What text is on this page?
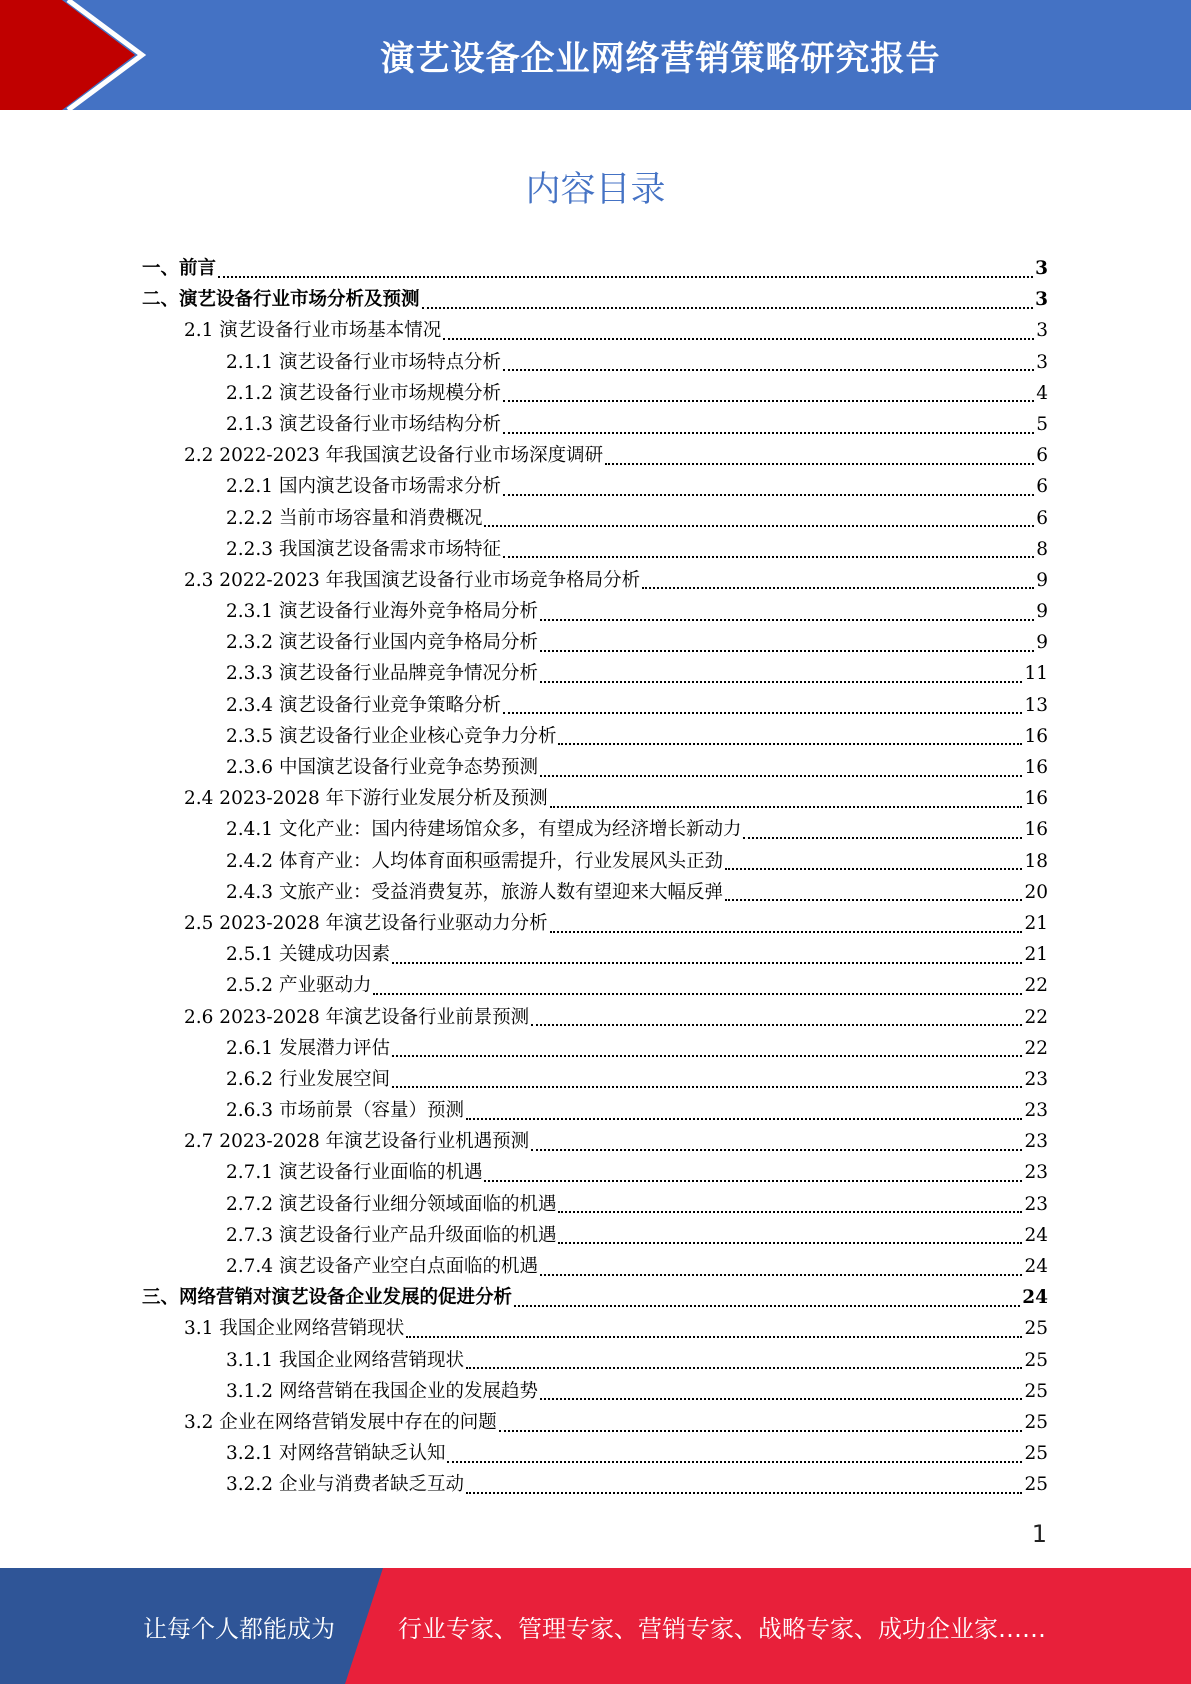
演艺设备企业网络营销策略研究报告
内容目录
一、前言	3
二、演艺设备行业市场分析及预测	3
2.1 演艺设备行业市场基本情况	3
2.1.1 演艺设备行业市场特点分析	3
2.1.2 演艺设备行业市场规模分析	4
2.1.3 演艺设备行业市场结构分析	5
2.2 2022-2023 年我国演艺设备行业市场深度调研	6
2.2.1 国内演艺设备市场需求分析	6
2.2.2 当前市场容量和消费概况	6
2.2.3 我国演艺设备需求市场特征	8
2.3 2022-2023 年我国演艺设备行业市场竞争格局分析	9
2.3.1 演艺设备行业海外竞争格局分析	9
2.3.2 演艺设备行业国内竞争格局分析	9
2.3.3 演艺设备行业品牌竞争情况分析	11
2.3.4 演艺设备行业竞争策略分析	13
2.3.5 演艺设备行业企业核心竞争力分析	16
2.3.6 中国演艺设备行业竞争态势预测	16
2.4 2023-2028 年下游行业发展分析及预测	16
2.4.1 文化产业：国内待建场馆众多，有望成为经济增长新动力	16
2.4.2 体育产业：人均体育面积亟需提升，行业发展风头正劲	18
2.4.3 文旅产业：受益消费复苏，旅游人数有望迎来大幅反弹	20
2.5 2023-2028 年演艺设备行业驱动力分析	21
2.5.1 关键成功因素	21
2.5.2 产业驱动力	22
2.6 2023-2028 年演艺设备行业前景预测	22
2.6.1 发展潜力评估	22
2.6.2 行业发展空间	23
2.6.3 市场前景（容量）预测	23
2.7 2023-2028 年演艺设备行业机遇预测	23
2.7.1 演艺设备行业面临的机遇	23
2.7.2 演艺设备行业细分领域面临的机遇	23
2.7.3 演艺设备行业产品升级面临的机遇	24
2.7.4 演艺设备产业空白点面临的机遇	24
三、网络营销对演艺设备企业发展的促进分析	24
3.1 我国企业网络营销现状	25
3.1.1 我国企业网络营销现状	25
3.1.2 网络营销在我国企业的发展趋势	25
3.2 企业在网络营销发展中存在的问题	25
3.2.1 对网络营销缺乏认知	25
3.2.2 企业与消费者缺乏互动	25
1
让每个人都能成为	行业专家、管理专家、营销专家、战略专家、成功企业家……
